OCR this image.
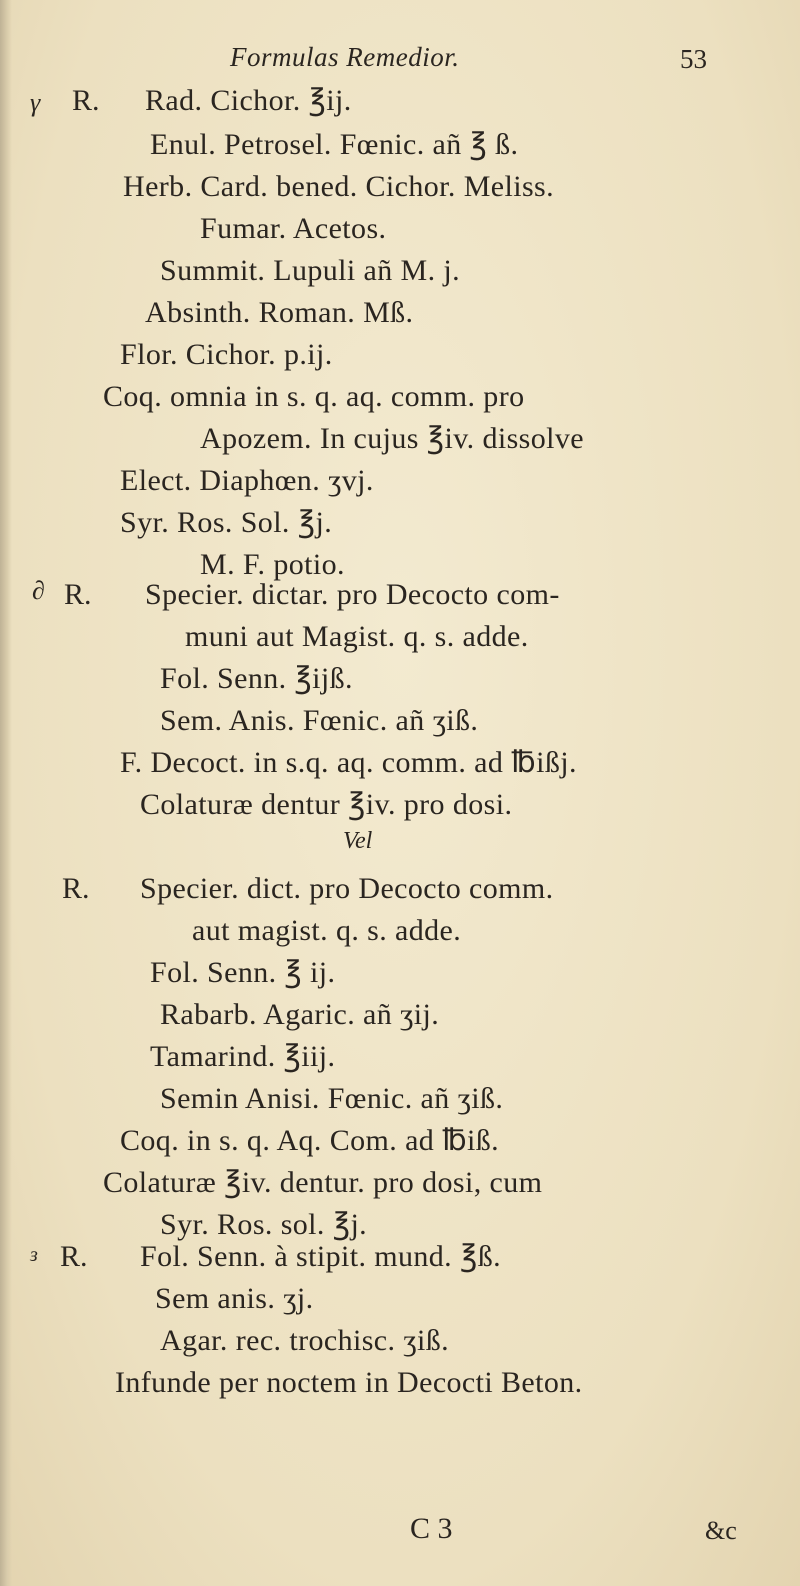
Formulas Remedior.	53
γ
∂
ɜ
R.
R.
R.
R.
Rad. Cichor. ℥ij.
Enul. Petrosel. Fœnic. añ ℥ ß.
Herb. Card. bened. Cichor. Meliss.
Fumar. Acetos.
Summit. Lupuli añ M. j.
Absinth. Roman. Mß.
Flor. Cichor. p.ij.
Coq. omnia in s. q. aq. comm. pro
Apozem. In cujus ℥iv. dissolve
Elect. Diaphœn. ʒvj.
Syr. Ros. Sol. ℥j.
M. F. potio.
Specier. dictar. pro Decocto com-
muni aut Magist. q. s. adde.
Fol. Senn. ℥ijß.
Sem. Anis. Fœnic. añ ʒiß.
F. Decoct. in s.q. aq. comm. ad ℔ißj.
Colaturæ dentur ℥iv. pro dosi.
Vel
Specier. dict. pro Decocto comm.
aut magist. q. s. adde.
Fol. Senn. ℥ ij.
Rabarb. Agaric. añ ʒij.
Tamarind. ℥iij.
Semin Anisi. Fœnic. añ ʒiß.
Coq. in s. q. Aq. Com. ad ℔iß.
Colaturæ ℥iv. dentur. pro dosi, cum
Syr. Ros. sol. ℥j.
Fol. Senn. à stipit. mund. ℥ß.
Sem anis. ʒj.
Agar. rec. trochisc. ʒiß.
Infunde per noctem in Decocti Beton.
C 3	&c
